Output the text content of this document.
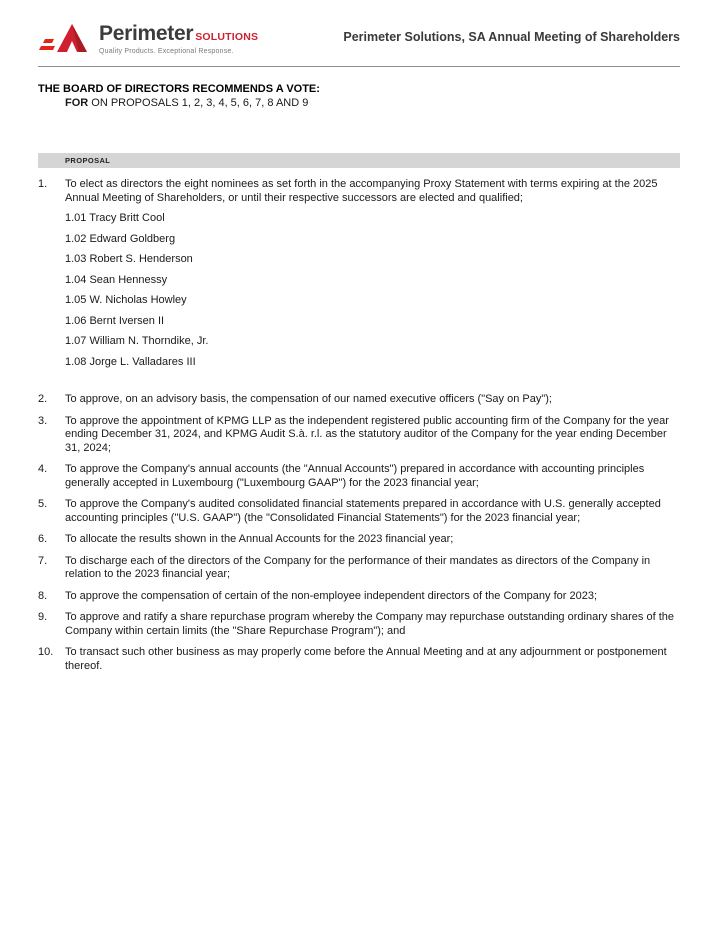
Perimeter SOLUTIONS
Quality Products. Exceptional Response.
Perimeter Solutions, SA Annual Meeting of Shareholders
THE BOARD OF DIRECTORS RECOMMENDS A VOTE:
FOR ON PROPOSALS 1, 2, 3, 4, 5, 6, 7, 8 AND 9
PROPOSAL
1.	To elect as directors the eight nominees as set forth in the accompanying Proxy Statement with terms expiring at the 2025 Annual Meeting of Shareholders, or until their respective successors are elected and qualified;
1.01 Tracy Britt Cool
1.02 Edward Goldberg
1.03 Robert S. Henderson
1.04 Sean Hennessy
1.05 W. Nicholas Howley
1.06 Bernt Iversen II
1.07 William N. Thorndike, Jr.
1.08 Jorge L. Valladares III
2.	To approve, on an advisory basis, the compensation of our named executive officers ("Say on Pay");
3.	To approve the appointment of KPMG LLP as the independent registered public accounting firm of the Company for the year ending December 31, 2024, and KPMG Audit S.à. r.l. as the statutory auditor of the Company for the year ending December 31, 2024;
4.	To approve the Company's annual accounts (the "Annual Accounts") prepared in accordance with accounting principles generally accepted in Luxembourg ("Luxembourg GAAP") for the 2023 financial year;
5.	To approve the Company's audited consolidated financial statements prepared in accordance with U.S. generally accepted accounting principles ("U.S. GAAP") (the "Consolidated Financial Statements") for the 2023 financial year;
6.	To allocate the results shown in the Annual Accounts for the 2023 financial year;
7.	To discharge each of the directors of the Company for the performance of their mandates as directors of the Company in relation to the 2023 financial year;
8.	To approve the compensation of certain of the non-employee independent directors of the Company for 2023;
9.	To approve and ratify a share repurchase program whereby the Company may repurchase outstanding ordinary shares of the Company within certain limits (the "Share Repurchase Program"); and
10.	To transact such other business as may properly come before the Annual Meeting and at any adjournment or postponement thereof.
